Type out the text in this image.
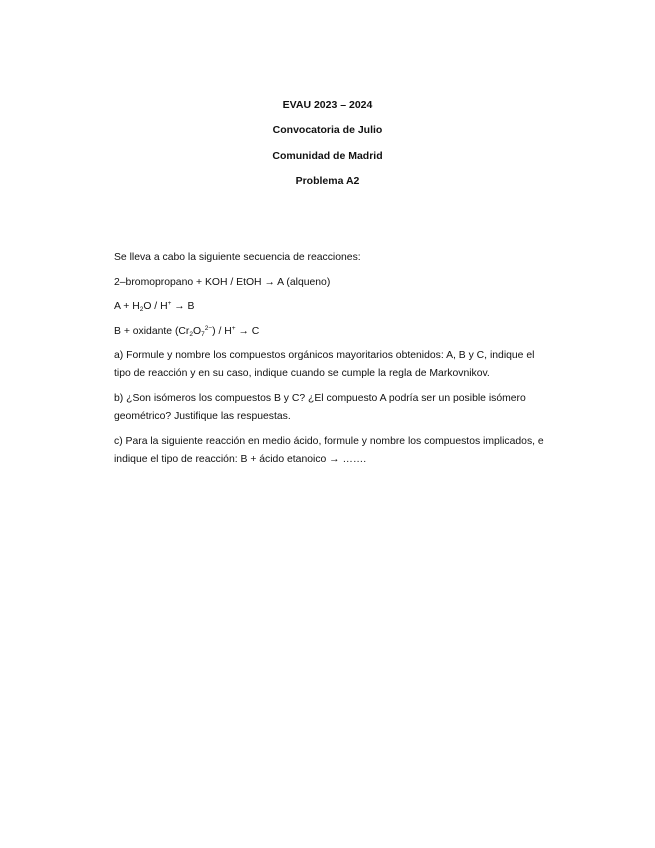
EVAU 2023 – 2024
Convocatoria de Julio
Comunidad de Madrid
Problema A2

Se lleva a cabo la siguiente secuencia de reacciones:

2–bromopropano + KOH / EtOH → A (alqueno)

$A + H_2O / H^+ \to B$

B + oxidante $(Cr_2O_7^{2-}) / H^+ \to C$

a) Formule y nombre los compuestos orgánicos mayoritarios obtenidos: A, B y C, indique el tipo de reacción y en su caso, indique cuando se cumple la regla de Markovnikov.

b) ¿Son isómeros los compuestos B y C? ¿El compuesto A podría ser un posible isómero geométrico? Justifique las respuestas.

c) Para la siguiente reacción en medio ácido, formule y nombre los compuestos implicados, e indique el tipo de reacción: B + ácido etanoico → …….
